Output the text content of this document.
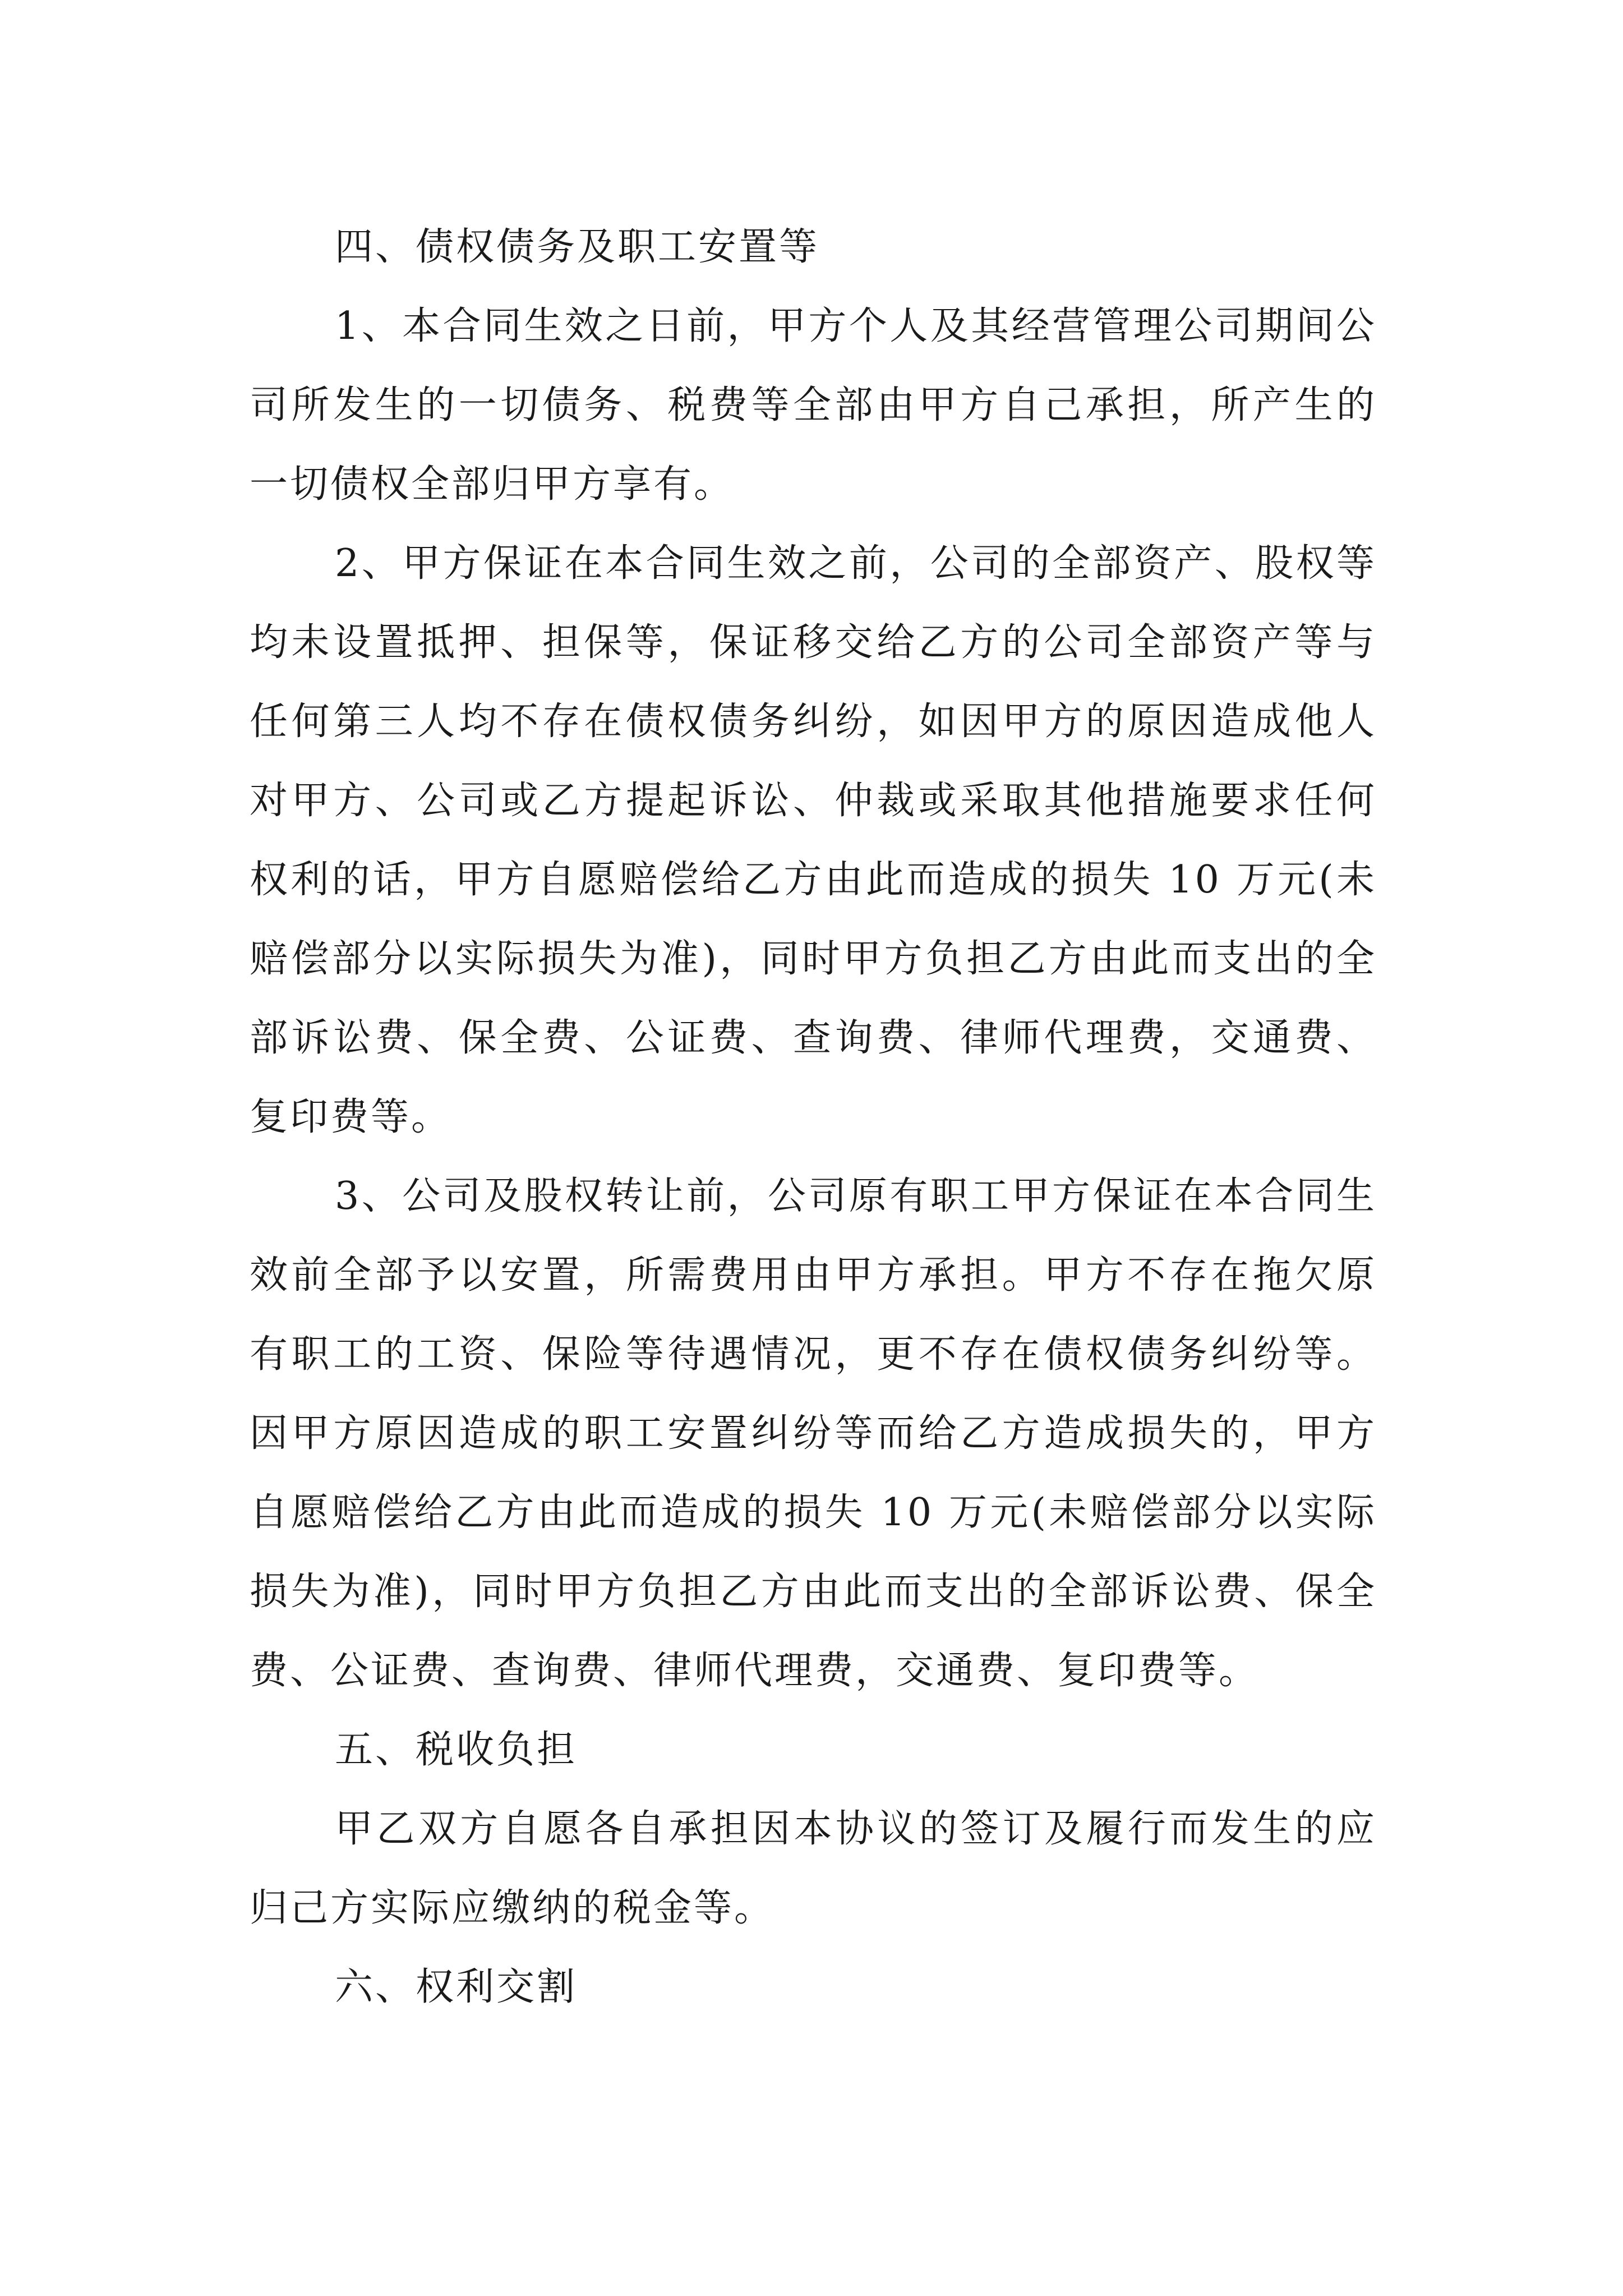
四、债权债务及职工安置等

1、本合同生效之日前，甲方个人及其经营管理公司期间公司所发生的一切债务、税费等全部由甲方自己承担，所产生的一切债权全部归甲方享有。

2、甲方保证在本合同生效之前，公司的全部资产、股权等均未设置抵押、担保等，保证移交给乙方的公司全部资产等与任何第三人均不存在债权债务纠纷，如因甲方的原因造成他人对甲方、公司或乙方提起诉讼、仲裁或采取其他措施要求任何权利的话，甲方自愿赔偿给乙方由此而造成的损失 10 万元(未赔偿部分以实际损失为准)，同时甲方负担乙方由此而支出的全部诉讼费、保全费、公证费、查询费、律师代理费，交通费、复印费等。

3、公司及股权转让前，公司原有职工甲方保证在本合同生效前全部予以安置，所需费用由甲方承担。甲方不存在拖欠原有职工的工资、保险等待遇情况，更不存在债权债务纠纷等。因甲方原因造成的职工安置纠纷等而给乙方造成损失的，甲方自愿赔偿给乙方由此而造成的损失 10 万元(未赔偿部分以实际损失为准)，同时甲方负担乙方由此而支出的全部诉讼费、保全费、公证费、查询费、律师代理费，交通费、复印费等。

五、税收负担

甲乙双方自愿各自承担因本协议的签订及履行而发生的应归己方实际应缴纳的税金等。

六、权利交割
